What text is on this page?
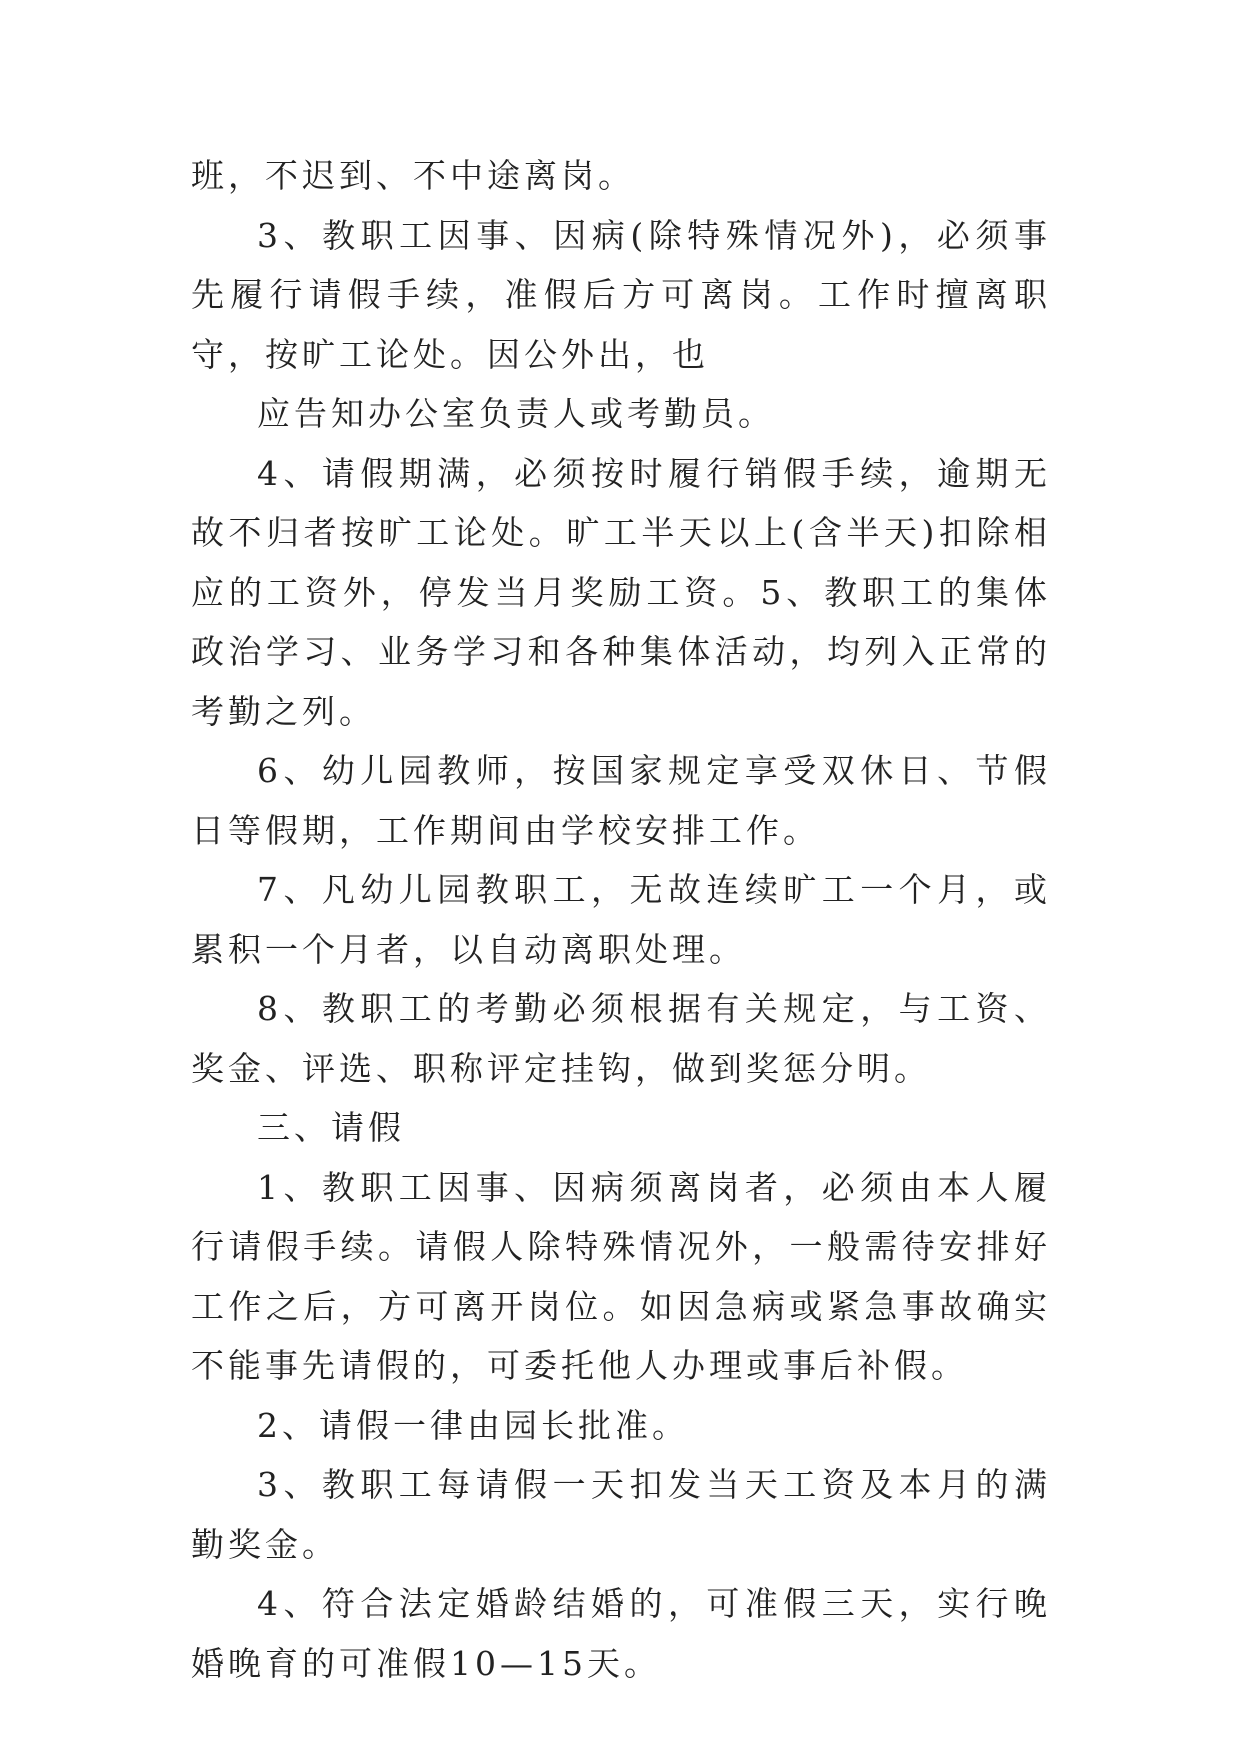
班，不迟到、不中途离岗。

3、教职工因事、因病(除特殊情况外)，必须事先履行请假手续，准假后方可离岗。工作时擅离职守，按旷工论处。因公外出，也

应告知办公室负责人或考勤员。

4、请假期满，必须按时履行销假手续，逾期无故不归者按旷工论处。旷工半天以上(含半天)扣除相应的工资外，停发当月奖励工资。5、教职工的集体政治学习、业务学习和各种集体活动，均列入正常的考勤之列。

6、幼儿园教师，按国家规定享受双休日、节假日等假期，工作期间由学校安排工作。

7、凡幼儿园教职工，无故连续旷工一个月，或累积一个月者，以自动离职处理。

8、教职工的考勤必须根据有关规定，与工资、奖金、评选、职称评定挂钩，做到奖惩分明。

三、请假

1、教职工因事、因病须离岗者，必须由本人履行请假手续。请假人除特殊情况外，一般需待安排好工作之后，方可离开岗位。如因急病或紧急事故确实不能事先请假的，可委托他人办理或事后补假。

2、请假一律由园长批准。

3、教职工每请假一天扣发当天工资及本月的满勤奖金。

4、符合法定婚龄结婚的，可准假三天，实行晚婚晚育的可准假10—15天。
